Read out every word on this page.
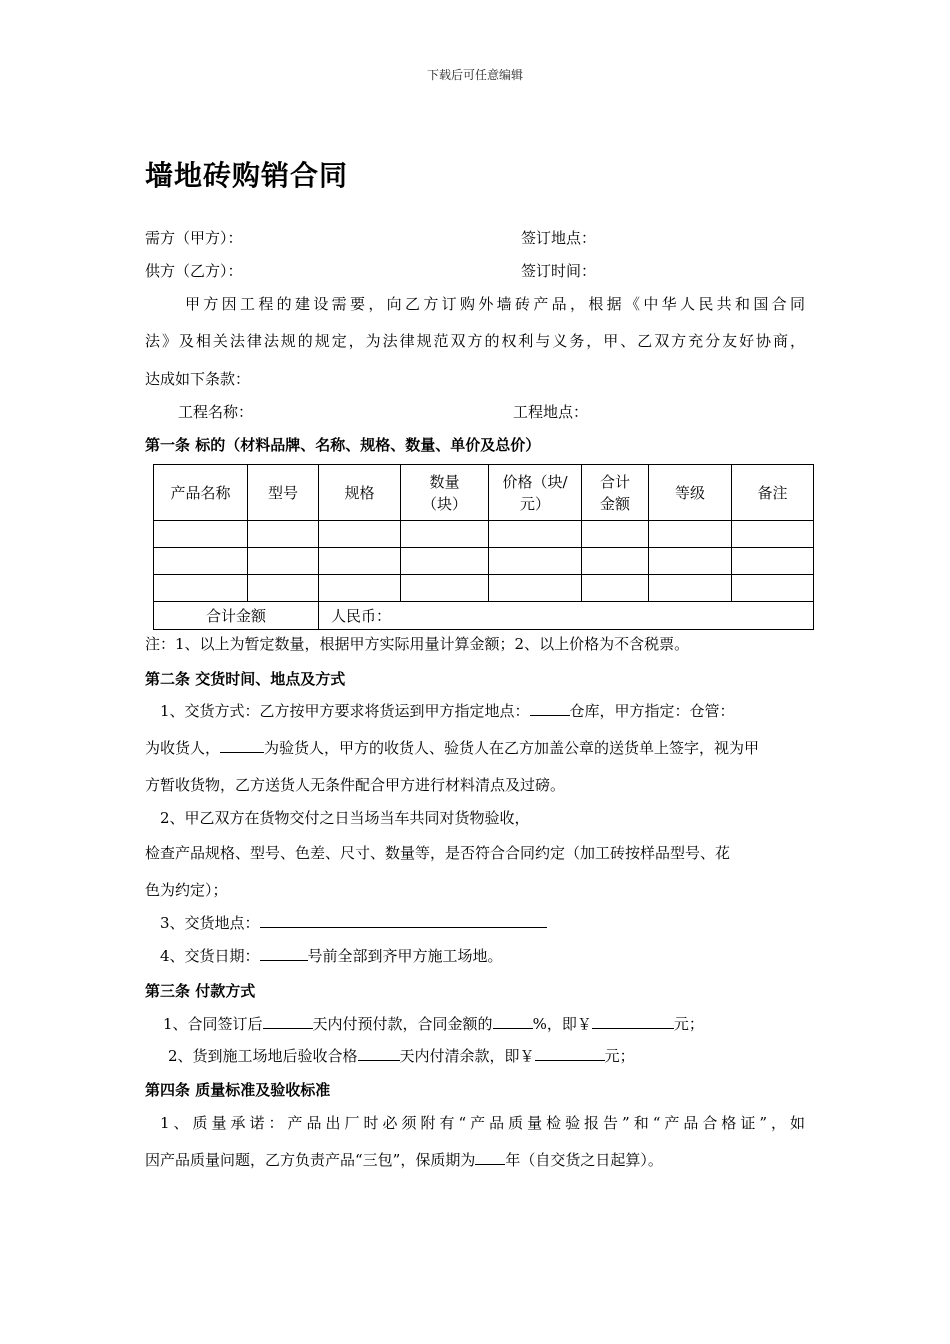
下载后可任意编辑
墙地砖购销合同
需方（甲方）：	签订地点：
供方（乙方）：	签订时间：
甲方因工程的建设需要，向乙方订购外墙砖产品，根据《中华人民共和国合同
法》及相关法律法规的规定，为法律规范双方的权利与义务，甲、乙双方充分友好协商，
达成如下条款：
工程名称：	工程地点：
第一条 标的（材料品牌、名称、规格、数量、单价及总价）
产品名称	型号	规格	数量（块）	价格（块/元）	合计金额	等级	备注

合计金额		人民币：					
注：1、以上为暂定数量，根据甲方实际用量计算金额；2、以上价格为不含税票。
第二条 交货时间、地点及方式
1、交货方式：乙方按甲方要求将货运到甲方指定地点：	仓库，甲方指定：仓管：
为收货人，	为验货人，甲方的收货人、验货人在乙方加盖公章的送货单上签字，视为甲
方暂收货物，乙方送货人无条件配合甲方进行材料清点及过磅。
2、甲乙双方在货物交付之日当场当车共同对货物验收，
检查产品规格、型号、色差、尺寸、数量等，是否符合合同约定（加工砖按样品型号、花
色为约定）；
3、交货地点：
4、交货日期：	号前全部到齐甲方施工场地。
第三条 付款方式
1、合同签订后	天内付预付款，合同金额的	%，即￥	元；
2、货到施工场地后验收合格	天内付清余款，即￥	元；
第四条 质量标准及验收标准
1、质量承诺：产品出厂时必须附有“产品质量检验报告”和“产品合格证”，如
因产品质量问题，乙方负责产品“三包”，保质期为 年（自交货之日起算）。
